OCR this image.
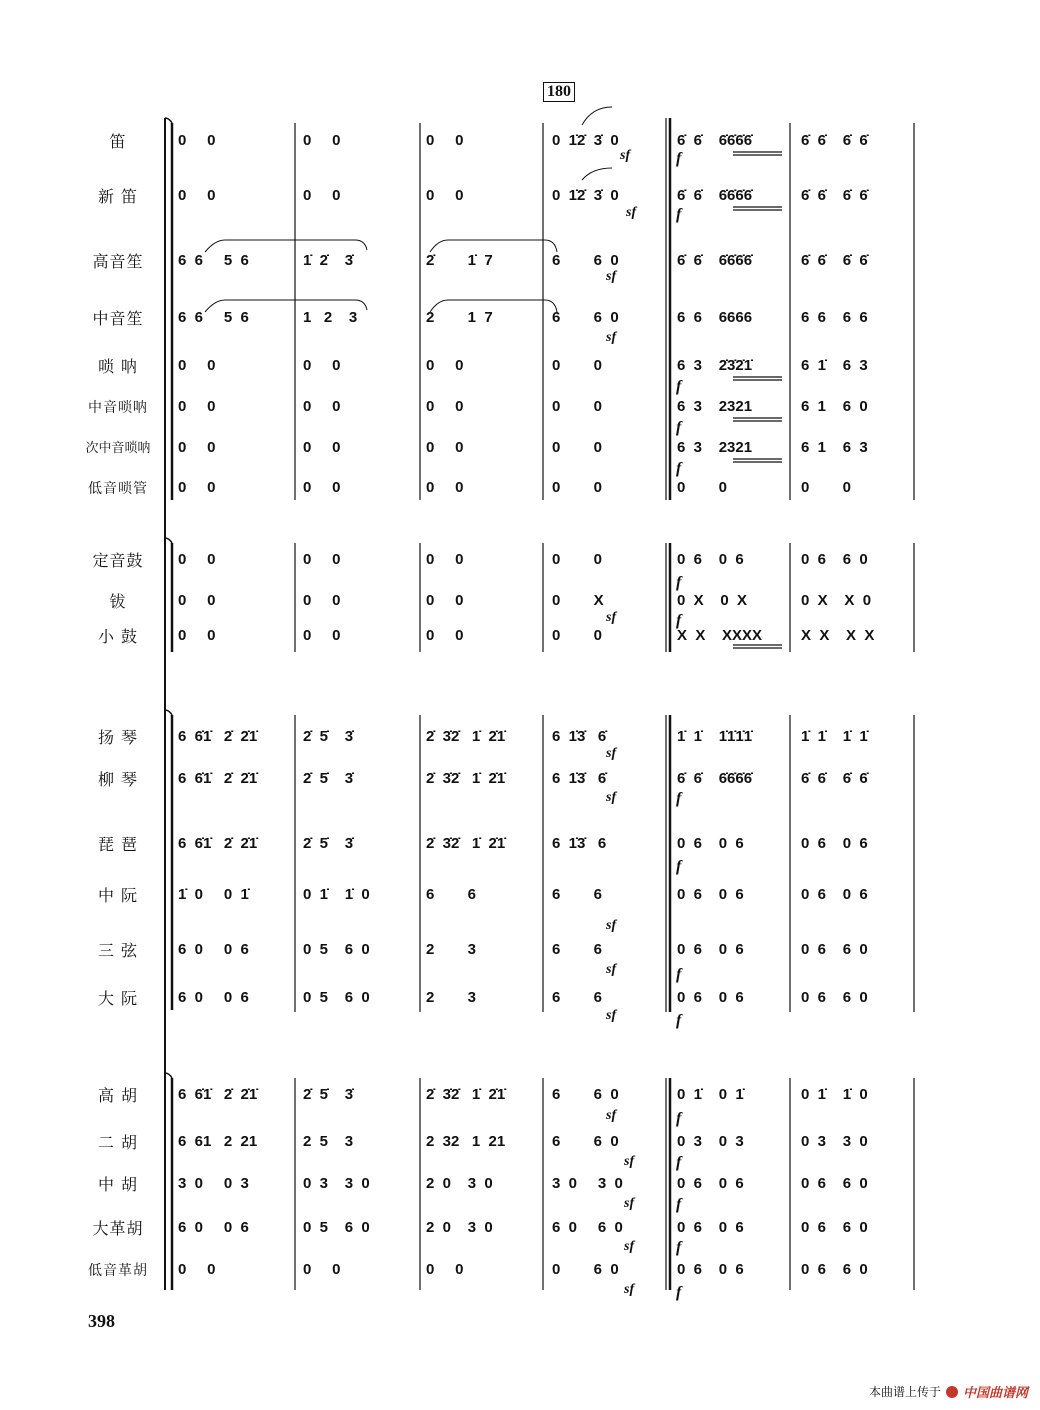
180
笛
新 笛
高音笙
中音笙
唢 呐
中音唢呐
次中音唢呐
低音唢管
定音鼓
钹
小 鼓
扬 琴
柳 琴
琵 琶
中 阮
三 弦
大 阮
高 胡
二 胡
中 胡
大革胡
低音革胡
0     0	0     0	0     0	0  1̇2̇  3̇  0	6̇  6̇    6̇6̇6̇6̇	6̇  6̇    6̇  6̇
0     0	0     0	0     0	0  1̇2̇  3̇  0	6̇  6̇    6̇6̇6̇6̇	6̇  6̇    6̇  6̇
6  6     5  6	1̇  2̇    3̇	2̇        1̇  7	6        6  0	6̇  6̇    6̇6̇6̇6̇	6̇  6̇    6̇  6̇
6  6     5  6	1   2    3	2        1  7	6        6  0	6  6    6666	6  6    6  6
0     0	0     0	0     0	0        0	6  3    2̇3̇2̇1̇	6  1̇    6  3
0     0	0     0	0     0	0        0	6  3    2321	6  1    6  0
0     0	0     0	0     0	0        0	6  3    2321	6  1    6  3
0     0	0     0	0     0	0        0	0        0	0        0
0     0	0     0	0     0	0        0	0  6    0  6	0  6    6  0
0     0	0     0	0     0	0        X	0  X    0  X	0  X    X  0
0     0	0     0	0     0	0        0	X  X    XXXX	X  X    X  X
6  6̇1̇   2̇  2̇1̇	2̇  5̇    3̇	2̇  3̇2̇   1̇  2̇1̇	6  1̇3̇   6̇	1̇  1̇    1̇1̇1̇1̇	1̇  1̇    1̇  1̇
6  6̇1̇   2̇  2̇1̇	2̇  5̇    3̇	2̇  3̇2̇   1̇  2̇1̇	6  1̇3̇   6̇	6̇  6̇    6̇6̇6̇6̇	6̇  6̇    6̇  6̇
6  6̇1̇   2̇  2̇1̇	2̇  5̇    3̇	2̇  3̇2̇   1̇  2̇1̇	6  1̇3̇   6	0  6    0  6	0  6    0  6
1̇  0     0  1̇	0  1̇    1̇  0	6        6	6        6	0  6    0  6	0  6    0  6
6  0     0  6	0  5    6  0	2        3	6        6	0  6    0  6	0  6    6  0
6  0     0  6	0  5    6  0	2        3	6        6	0  6    0  6	0  6    6  0
6  6̇1̇   2̇  2̇1̇	2̇  5̇    3̇	2̇  3̇2̇   1̇  2̇1̇	6        6  0	0  1̇    0  1̇	0  1̇    1̇  0
6  61   2  21	2  5    3	2  32   1  21	6        6  0	0  3    0  3	0  3    3  0
3  0     0  3	0  3    3  0	2  0    3  0	3  0     3  0	0  6    0  6	0  6    6  0
6  0     0  6	0  5    6  0	2  0    3  0	6  0     6  0	0  6    0  6	0  6    6  0
0     0	0     0	0     0	0        6  0	0  6    0  6	0  6    6  0
sf
sf
sf
sf
sf
sf
sf
sf
sf
sf
sf
sf
sf
sf
sf
f
f
f
f
f
f
f
f
f
f
f
f
f
f
f
f
398
本曲谱上传于 中国曲谱网
